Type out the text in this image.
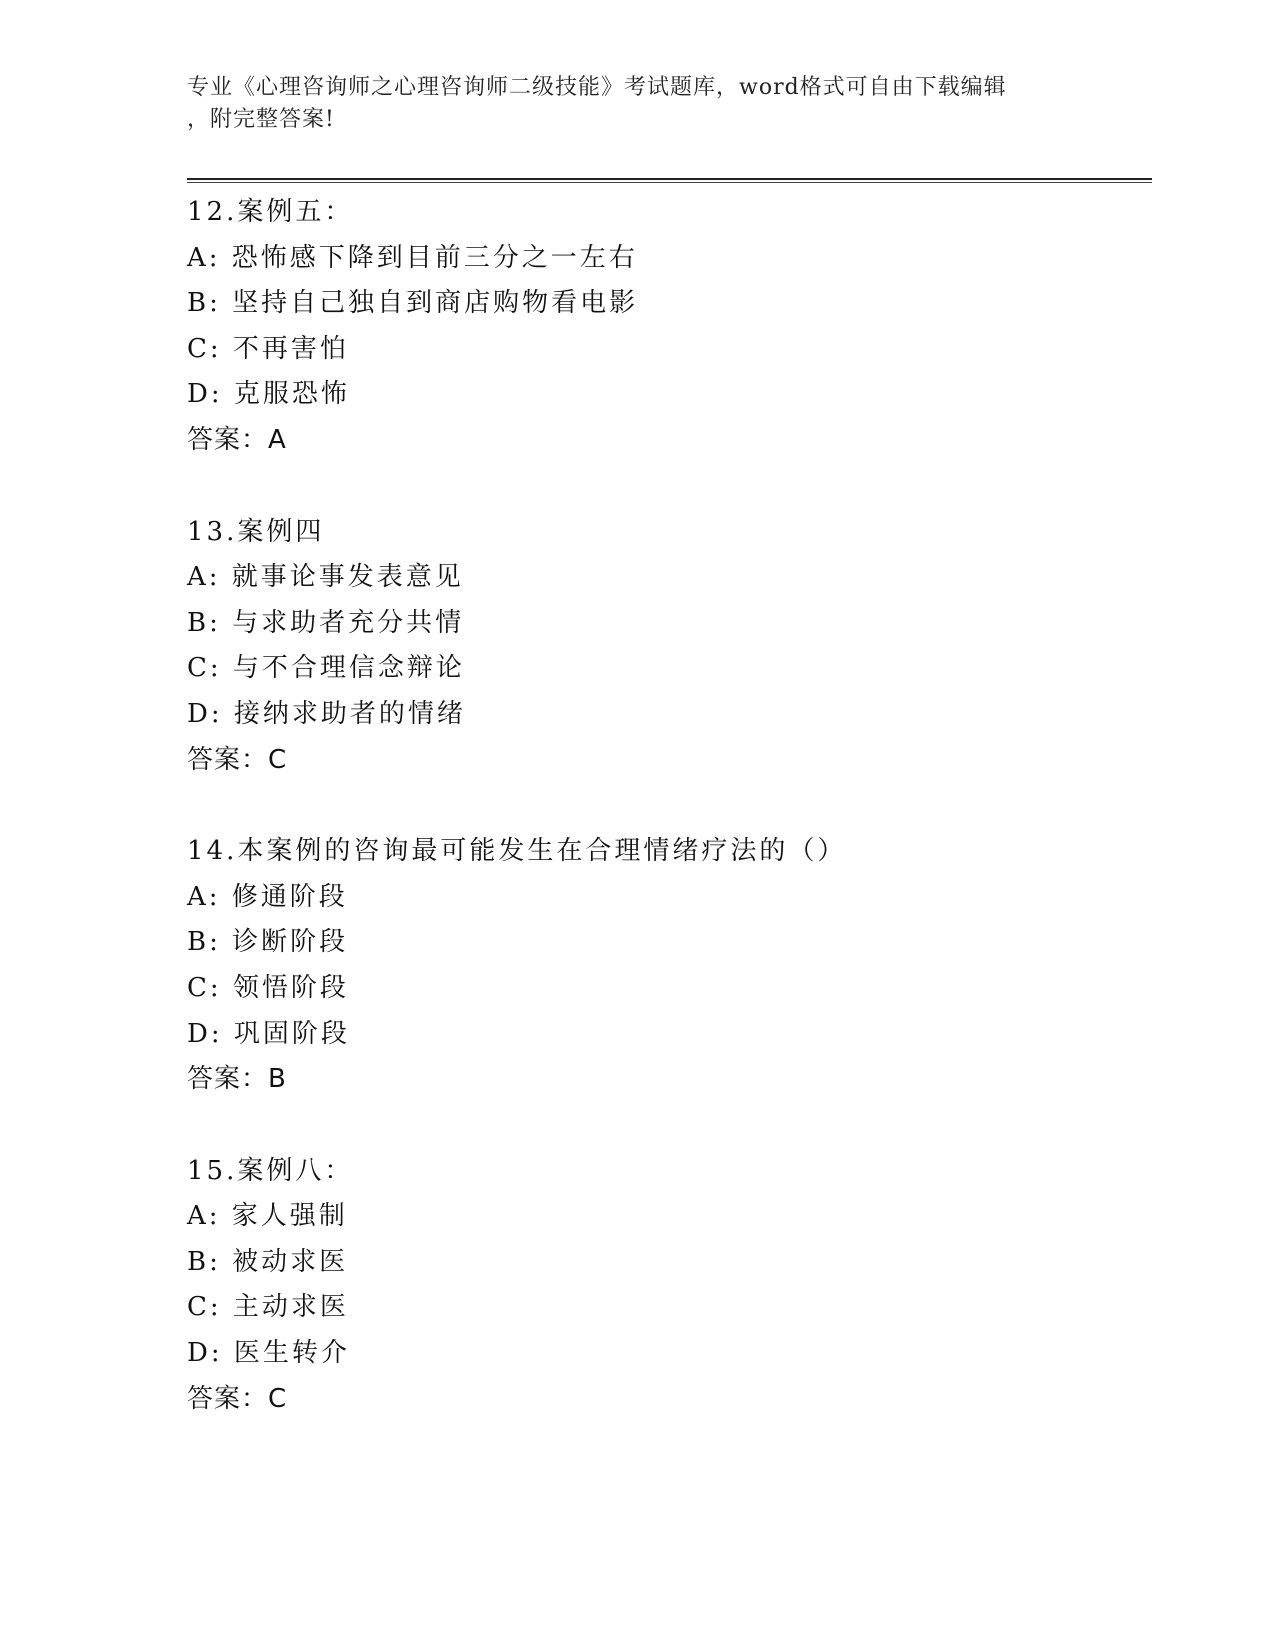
专业《心理咨询师之心理咨询师二级技能》考试题库，word格式可自由下载编辑
，附完整答案!
12.案例五：
A: 恐怖感下降到目前三分之一左右
B: 坚持自己独自到商店购物看电影
C: 不再害怕
D: 克服恐怖
答案：A
13.案例四
A: 就事论事发表意见
B: 与求助者充分共情
C: 与不合理信念辩论
D: 接纳求助者的情绪
答案：C
14.本案例的咨询最可能发生在合理情绪疗法的（）
A: 修通阶段
B: 诊断阶段
C: 领悟阶段
D: 巩固阶段
答案：B
15.案例八：
A: 家人强制
B: 被动求医
C: 主动求医
D: 医生转介
答案：C
